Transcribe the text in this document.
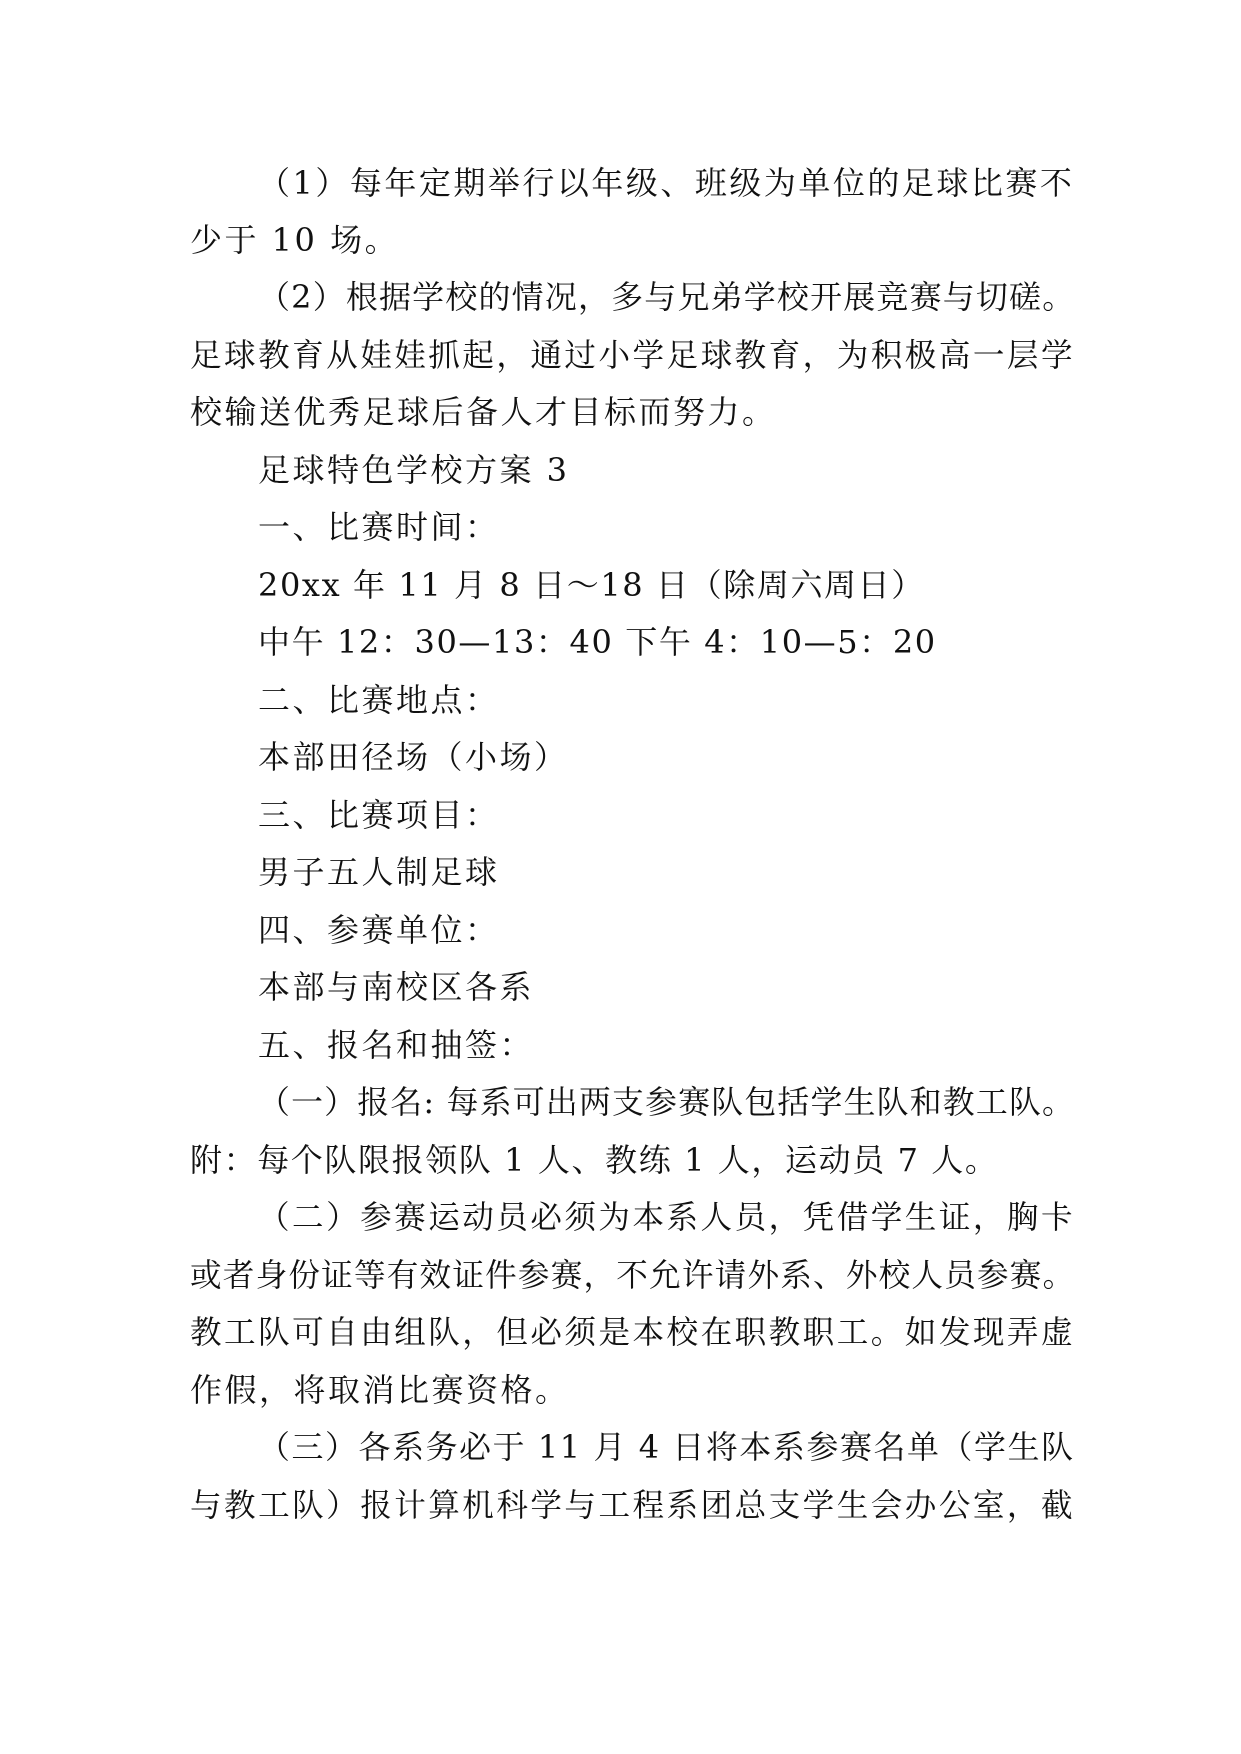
（1）每年定期举行以年级、班级为单位的足球比赛不
少于 10 场。
（2）根据学校的情况，多与兄弟学校开展竞赛与切磋。
足球教育从娃娃抓起，通过小学足球教育，为积极高一层学
校输送优秀足球后备人才目标而努力。
足球特色学校方案 3
一、比赛时间：
20xx 年 11 月 8 日～18 日（除周六周日）
中午 12：30—13：40 下午 4：10—5：20
二、比赛地点：
本部田径场（小场）
三、比赛项目：
男子五人制足球
四、参赛单位：
本部与南校区各系
五、报名和抽签：
（一）报名: 每系可出两支参赛队包括学生队和教工队。
附：每个队限报领队 1 人、教练 1 人，运动员 7 人。
（二）参赛运动员必须为本系人员，凭借学生证，胸卡
或者身份证等有效证件参赛，不允许请外系、外校人员参赛。
教工队可自由组队，但必须是本校在职教职工。如发现弄虚
作假，将取消比赛资格。
（三）各系务必于 11 月 4 日将本系参赛名单（学生队
与教工队）报计算机科学与工程系团总支学生会办公室，截
